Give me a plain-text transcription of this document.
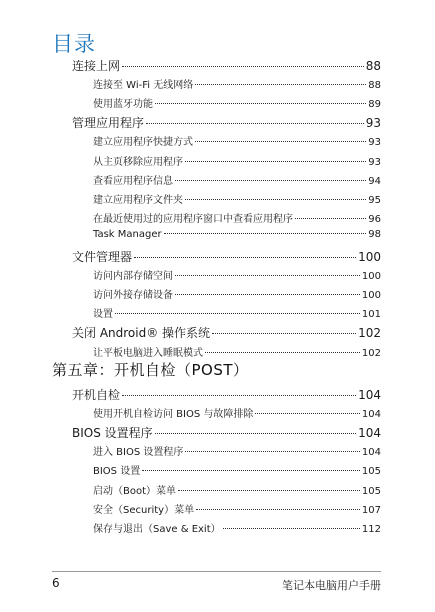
目录
连接上网	88
连接至 Wi-Fi 无线网络	88
使用蓝牙功能	89
管理应用程序	93
建立应用程序快捷方式	93
从主页移除应用程序	93
查看应用程序信息	94
建立应用程序文件夹	95
在最近使用过的应用程序窗口中查看应用程序	96
Task Manager	98
文件管理器	100
访问内部存储空间	100
访问外接存储设备	100
设置	101
关闭 Android® 操作系统	102
让平板电脑进入睡眠模式	102
第五章：开机自检（POST）
开机自检	104
使用开机自检访问 BIOS 与故障排除	104
BIOS 设置程序	104
进入 BIOS 设置程序	104
BIOS 设置	105
启动（Boot）菜单	105
安全（Security）菜单	107
保存与退出（Save & Exit）	112
6	笔记本电脑用户手册
